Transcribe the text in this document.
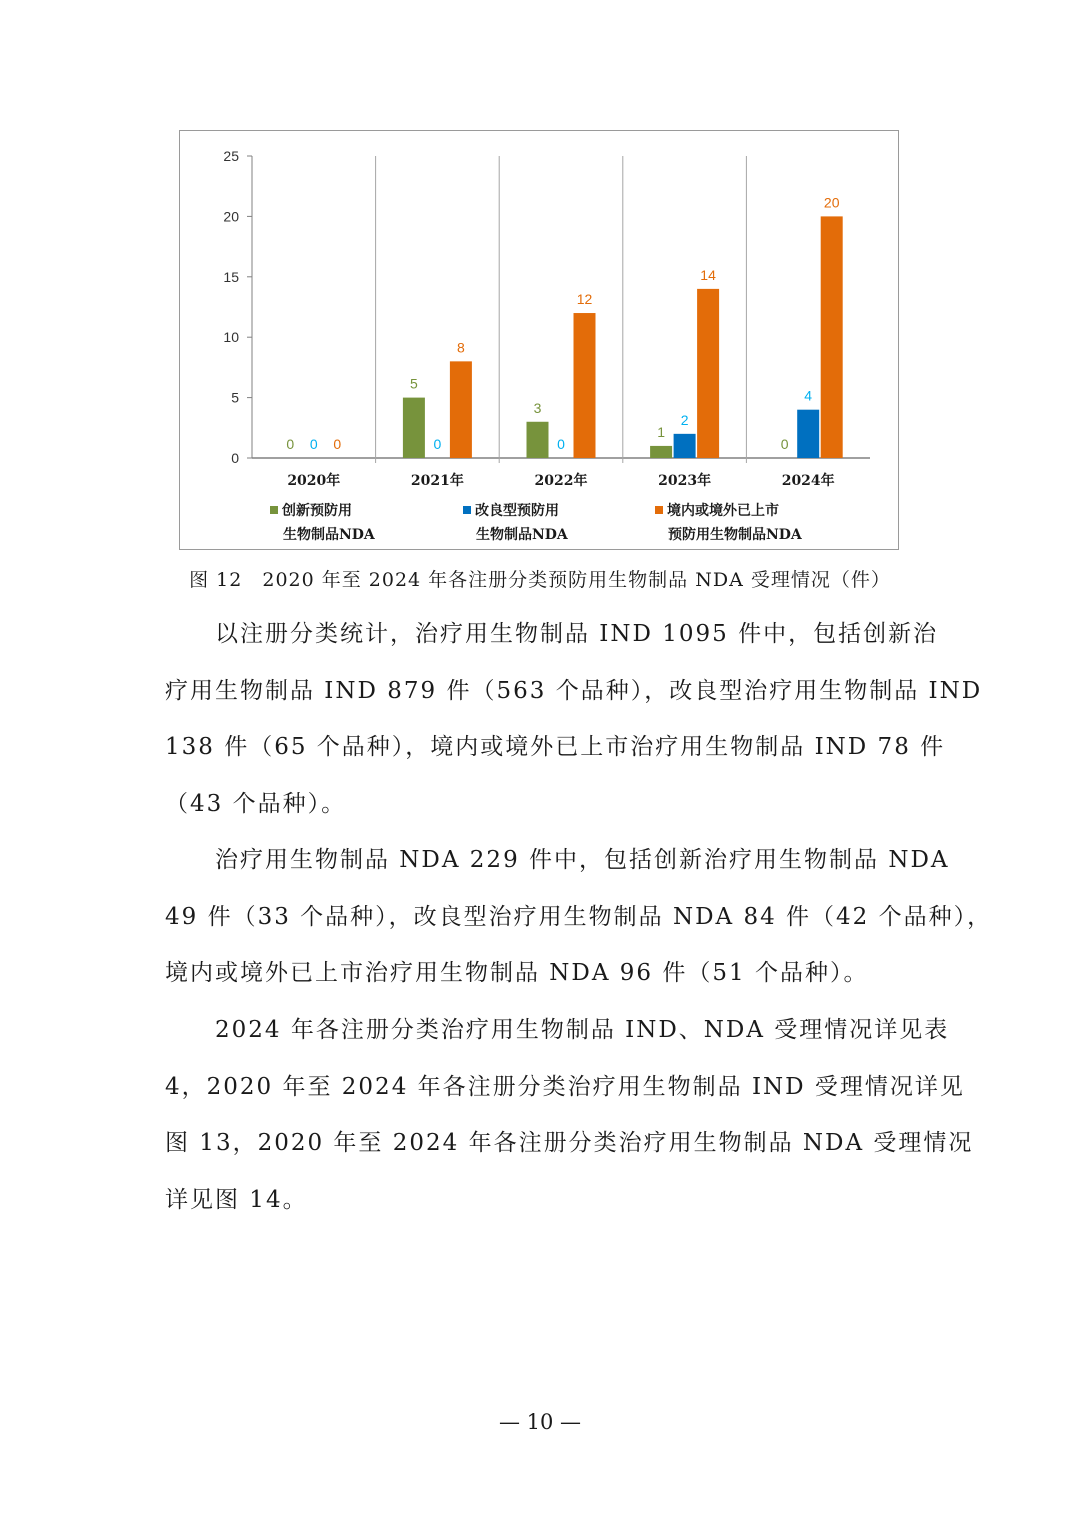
0
5
10
15
20
25
2020年
0 0 0
2021年
5
0
8
2022年
3
0
12
2023年
1
2
14
2024年
0
4
20
创新预防用
生物制品NDA
改良型预防用
生物制品NDA
境内或境外已上市
预防用生物制品NDA
图 12　2020 年至 2024 年各注册分类预防用生物制品 NDA 受理情况（件）

以注册分类统计，治疗用生物制品 IND 1095 件中，包括创新治
疗用生物制品 IND 879 件（563 个品种），改良型治疗用生物制品 IND
138 件（65 个品种），境内或境外已上市治疗用生物制品 IND 78 件
（43 个品种）。

治疗用生物制品 NDA 229 件中，包括创新治疗用生物制品 NDA
49 件（33 个品种），改良型治疗用生物制品 NDA 84 件（42 个品种），
境内或境外已上市治疗用生物制品 NDA 96 件（51 个品种）。

2024 年各注册分类治疗用生物制品 IND、NDA 受理情况详见表
4，2020 年至 2024 年各注册分类治疗用生物制品 IND 受理情况详见
图 13，2020 年至 2024 年各注册分类治疗用生物制品 NDA 受理情况
详见图 14。

— 10 —
